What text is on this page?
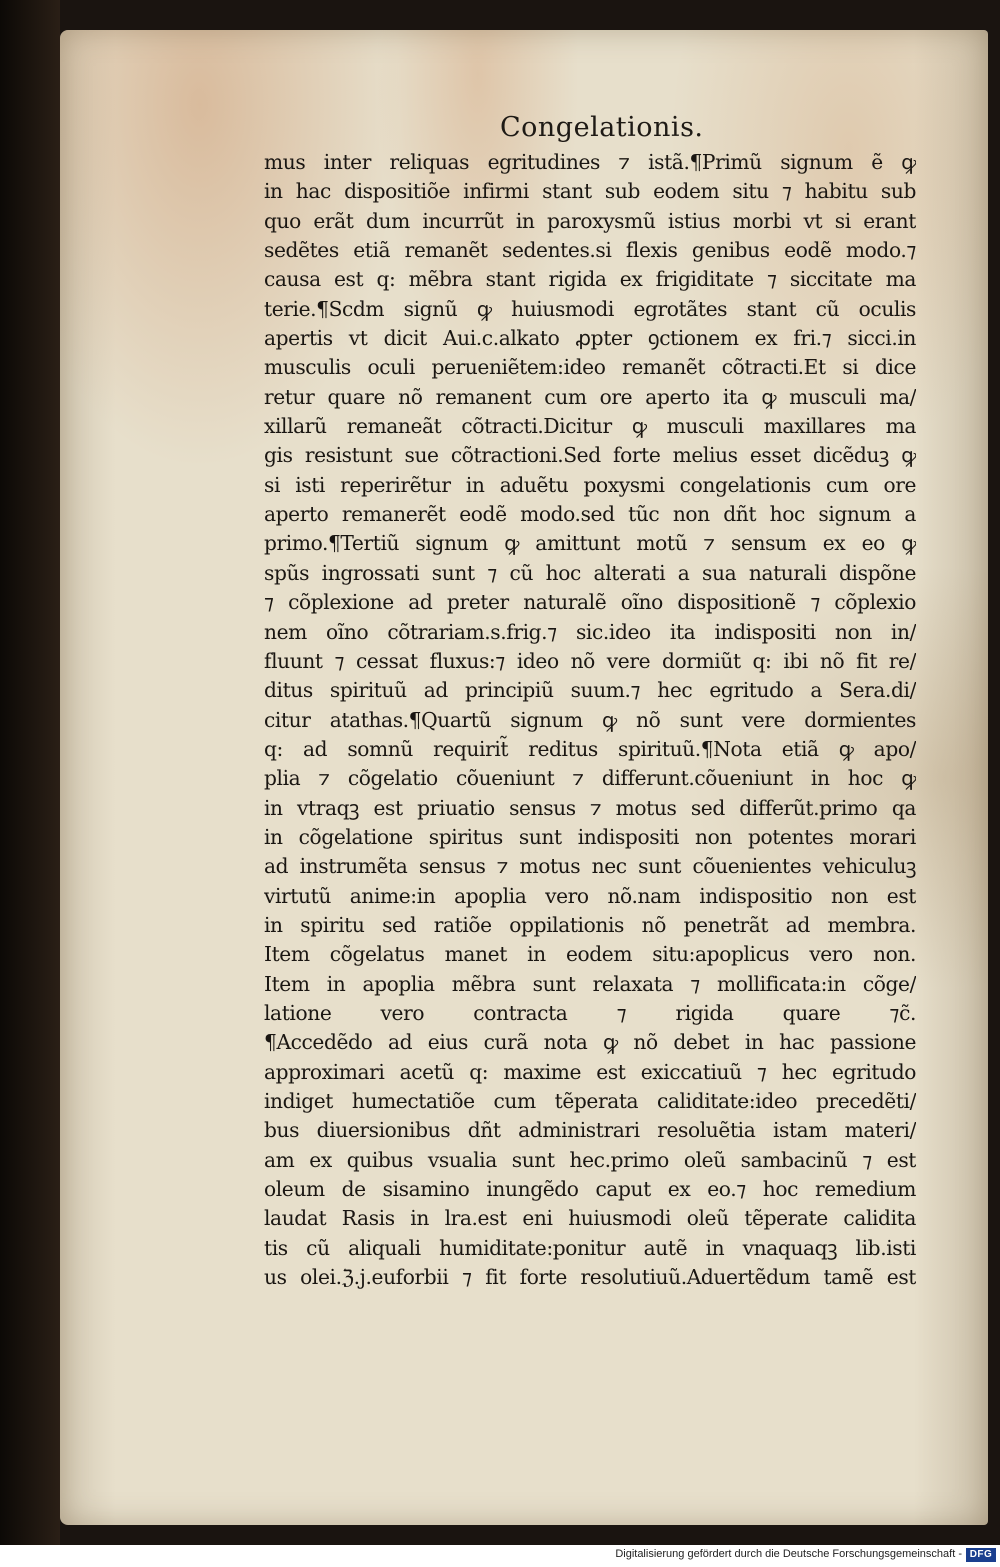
Congelationis.
mus inter reliquas egritudines ⁊ istã.¶Primũ signum ẽ ꝙ
in hac dispositiõe infirmi stant sub eodem situ ⁊ habitu sub
quo erãt dum incurrũt in paroxysmũ istius morbi vt si erant
sedẽtes etiã remanẽt sedentes.si flexis genibus eodẽ modo.⁊
causa est q: mẽbra stant rigida ex frigiditate ⁊ siccitate ma
terie.¶Scdm signũ ꝙ huiusmodi egrotãtes stant cũ oculis
apertis vt dicit Aui.c.alkato ꝓpter ꝯctionem ex fri.⁊ sicci.in
musculis oculi perueniẽtem:ideo remanẽt cõtracti.Et si dice
retur quare nõ remanent cum ore aperto ita ꝙ musculi ma/
xillarũ remaneãt cõtracti.Dicitur ꝙ musculi maxillares ma
gis resistunt sue cõtractioni.Sed forte melius esset dicẽduꝫ ꝙ
si isti reperirẽtur in aduẽtu poxysmi congelationis cum ore
aperto remanerẽt eodẽ modo.sed tũc non dñt hoc signum a
primo.¶Tertiũ signum ꝙ amittunt motũ ⁊ sensum ex eo ꝙ
spũs ingrossati sunt ⁊ cũ hoc alterati a sua naturali dispõne
⁊ cõplexione ad preter naturalẽ oĩno dispositionẽ ⁊ cõplexio
nem oĩno cõtrariam.s.frig.⁊ sic.ideo ita indispositi non in/
fluunt ⁊ cessat fluxus:⁊ ideo nõ vere dormiũt q: ibi nõ fit re/
ditus spirituũ ad principiũ suum.⁊ hec egritudo a Sera.di/
citur atathas.¶Quartũ signum ꝙ nõ sunt vere dormientes
q: ad somnũ requirit̃ reditus spirituũ.¶Nota etiã ꝙ apo/
plia ⁊ cõgelatio cõueniunt ⁊ differunt.cõueniunt in hoc ꝙ
in vtraqꝫ est priuatio sensus ⁊ motus sed differũt.primo qa
in cõgelatione spiritus sunt indispositi non potentes morari
ad instrumẽta sensus ⁊ motus nec sunt cõuenientes vehiculuꝫ
virtutũ anime:in apoplia vero nõ.nam indispositio non est
in spiritu sed ratiõe oppilationis nõ penetrãt ad membra.
Item cõgelatus manet in eodem situ:apoplicus vero non.
Item in apoplia mẽbra sunt relaxata ⁊ mollificata:in cõge/
latione vero contracta ⁊ rigida quare ⁊c̃.
¶Accedẽdo ad eius curã nota ꝙ nõ debet in hac passione
approximari acetũ q: maxime est exiccatiuũ ⁊ hec egritudo
indiget humectatiõe cum tẽperata caliditate:ideo precedẽti/
bus diuersionibus dñt administrari resoluẽtia istam materi/
am ex quibus vsualia sunt hec.primo oleũ sambacinũ ⁊ est
oleum de sisamino inungẽdo caput ex eo.⁊ hoc remedium
laudat Rasis in lra.est eni huiusmodi oleũ tẽperate calidita
tis cũ aliquali humiditate:ponitur autẽ in vnaquaqꝫ lib.isti
us olei.ℨ.j.euforbii ⁊ fit forte resolutiuũ.Aduertẽdum tamẽ est
Digitalisierung gefördert durch die Deutsche Forschungsgemeinschaft - DFG
